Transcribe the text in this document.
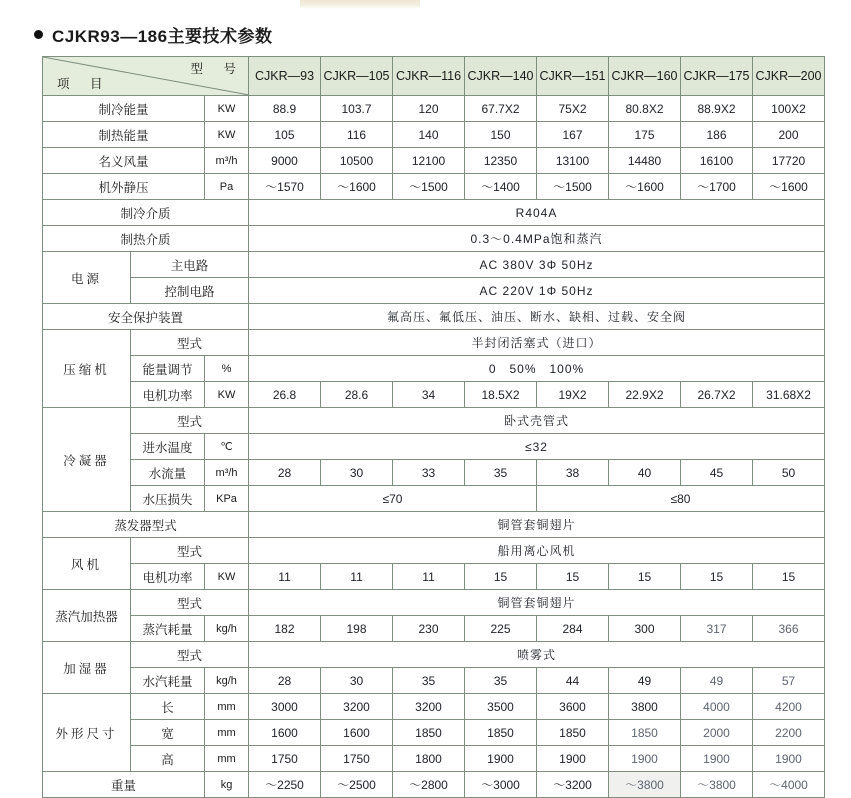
CJKR93—186主要技术参数
项　目
型　号			CJKR—93	CJKR—105	CJKR—116	CJKR—140	CJKR—151	CJKR—160	CJKR—175	CJKR—200
制冷能量		KW	88.9	103.7	120	67.7X2	75X2	80.8X2	88.9X2	100X2
制热能量		KW	105	116	140	150	167	175	186	200
名义风量		m³/h	9000	10500	12100	12350	13100	14480	16100	17720
机外静压		Pa	～1570	～1600	～1500	～1400	～1500	～1600	～1700	～1600
制冷介质			R404A							
制热介质			0.3～0.4MPa饱和蒸汽							
电源	主电路		AC 380V 3Φ 50Hz							
	控制电路		AC 220V 1Φ 50Hz							
安全保护装置			氟高压、氟低压、油压、断水、缺相、过载、安全阀							
压缩机	型式		半封闭活塞式（进口）							
	能量调节	%	0　50%　100%							
	电机功率	KW	26.8	28.6	34	18.5X2	19X2	22.9X2	26.7X2	31.68X2
冷凝器	型式		卧式壳管式							
	进水温度	℃	≤32							
	水流量	m³/h	28	30	33	35	38	40	45	50
	水压损失	KPa	≤70				≤80			
蒸发器型式			铜管套铜翅片							
风机	型式		船用离心风机							
	电机功率	KW	11	11	11	15	15	15	15	15
蒸汽加热器	型式		铜管套铜翅片							
	蒸汽耗量	kg/h	182	198	230	225	284	300	317	366
加湿器	型式		喷雾式							
	水汽耗量	kg/h	28	30	35	35	44	49	49	57
外形尺寸	长	mm	3000	3200	3200	3500	3600	3800	4000	4200
	宽	mm	1600	1600	1850	1850	1850	1850	2000	2200
	高	mm	1750	1750	1800	1900	1900	1900	1900	1900
重量		kg	～2250	～2500	～2800	～3000	～3200	～3800	～3800	～4000
